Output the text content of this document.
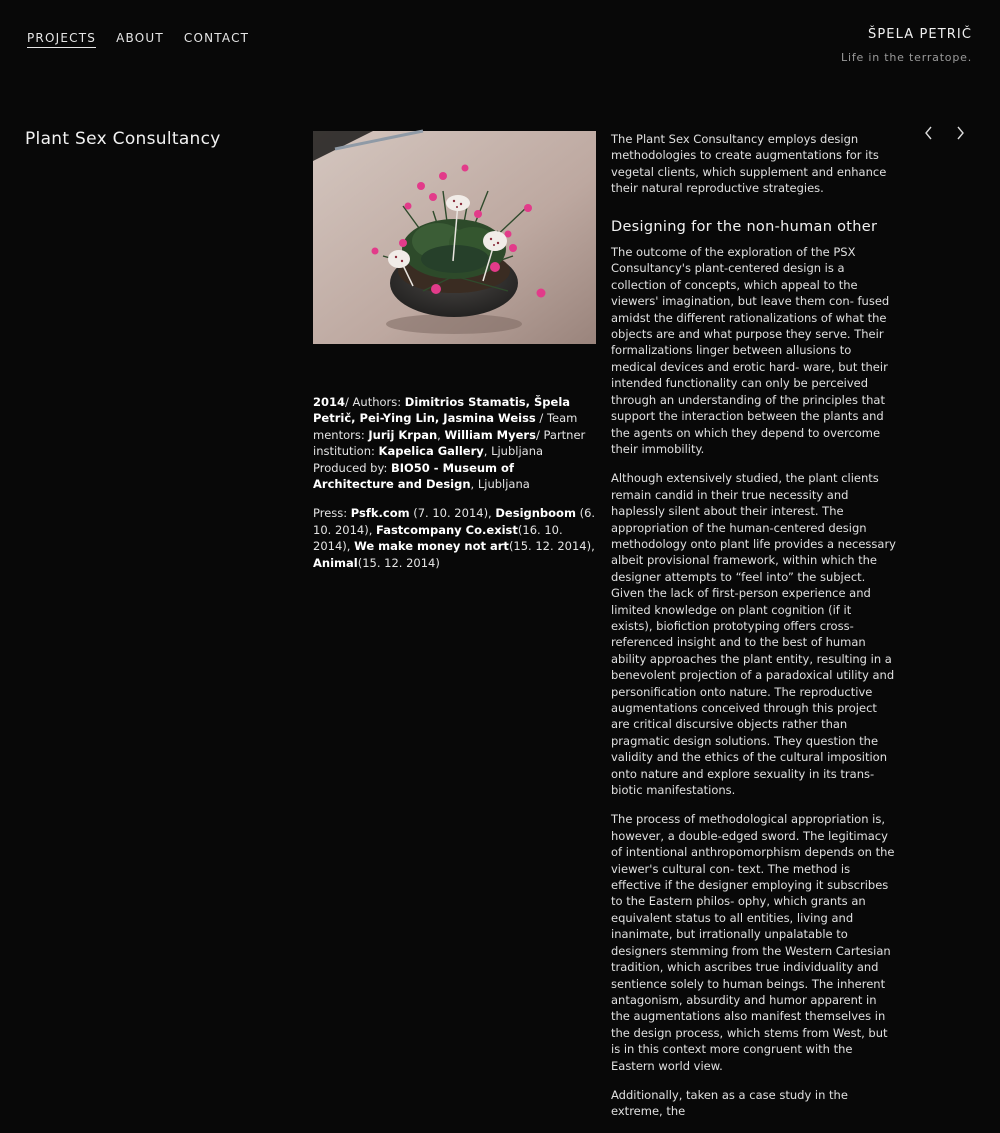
PROJECTS ABOUT CONTACT	ŠPELA PETRIČ
Life in the terratope.
Plant Sex Consultancy

2014/ Authors: Dimitrios Stamatis, Špela Petrič, Pei-Ying Lin, Jasmina Weiss / Team mentors: Jurij Krpan, William Myers/ Partner institution: Kapelica Gallery, Ljubljana Produced by: BIO50 - Museum of Architecture and Design, Ljubljana

Press: Psfk.com (7. 10. 2014), Designboom (6. 10. 2014), Fastcompany Co.exist(16. 10. 2014), We make money not art(15. 12. 2014), Animal(15. 12. 2014)

The Plant Sex Consultancy employs design methodologies to create augmentations for its vegetal clients, which supplement and enhance their natural reproductive strategies.

Designing for the non-human other

The outcome of the exploration of the PSX Consultancy's plant-centered design is a collection of concepts, which appeal to the viewers' imagination, but leave them con- fused amidst the different rationalizations of what the objects are and what purpose they serve. Their formalizations linger between allusions to medical devices and erotic hard- ware, but their intended functionality can only be perceived through an understanding of the principles that support the interaction between the plants and the agents on which they depend to overcome their immobility.

Although extensively studied, the plant clients remain candid in their true necessity and haplessly silent about their interest. The appropriation of the human-centered design methodology onto plant life provides a necessary albeit provisional framework, within which the designer attempts to “feel into” the subject. Given the lack of first-person experience and limited knowledge on plant cognition (if it exists), biofiction prototyping offers cross-referenced insight and to the best of human ability approaches the plant entity, resulting in a benevolent projection of a paradoxical utility and personification onto nature. The reproductive augmentations conceived through this project are critical discursive objects rather than pragmatic design solutions. They question the validity and the ethics of the cultural imposition onto nature and explore sexuality in its trans-biotic manifestations.

The process of methodological appropriation is, however, a double-edged sword. The legitimacy of intentional anthropomorphism depends on the viewer's cultural con- text. The method is effective if the designer employing it subscribes to the Eastern philos- ophy, which grants an equivalent status to all entities, living and inanimate, but irrationally unpalatable to designers stemming from the Western Cartesian tradition, which ascribes true individuality and sentience solely to human beings. The inherent antagonism, absurdity and humor apparent in the augmentations also manifest themselves in the design process, which stems from West, but is in this context more congruent with the Eastern world view.

Additionally, taken as a case study in the extreme, the
